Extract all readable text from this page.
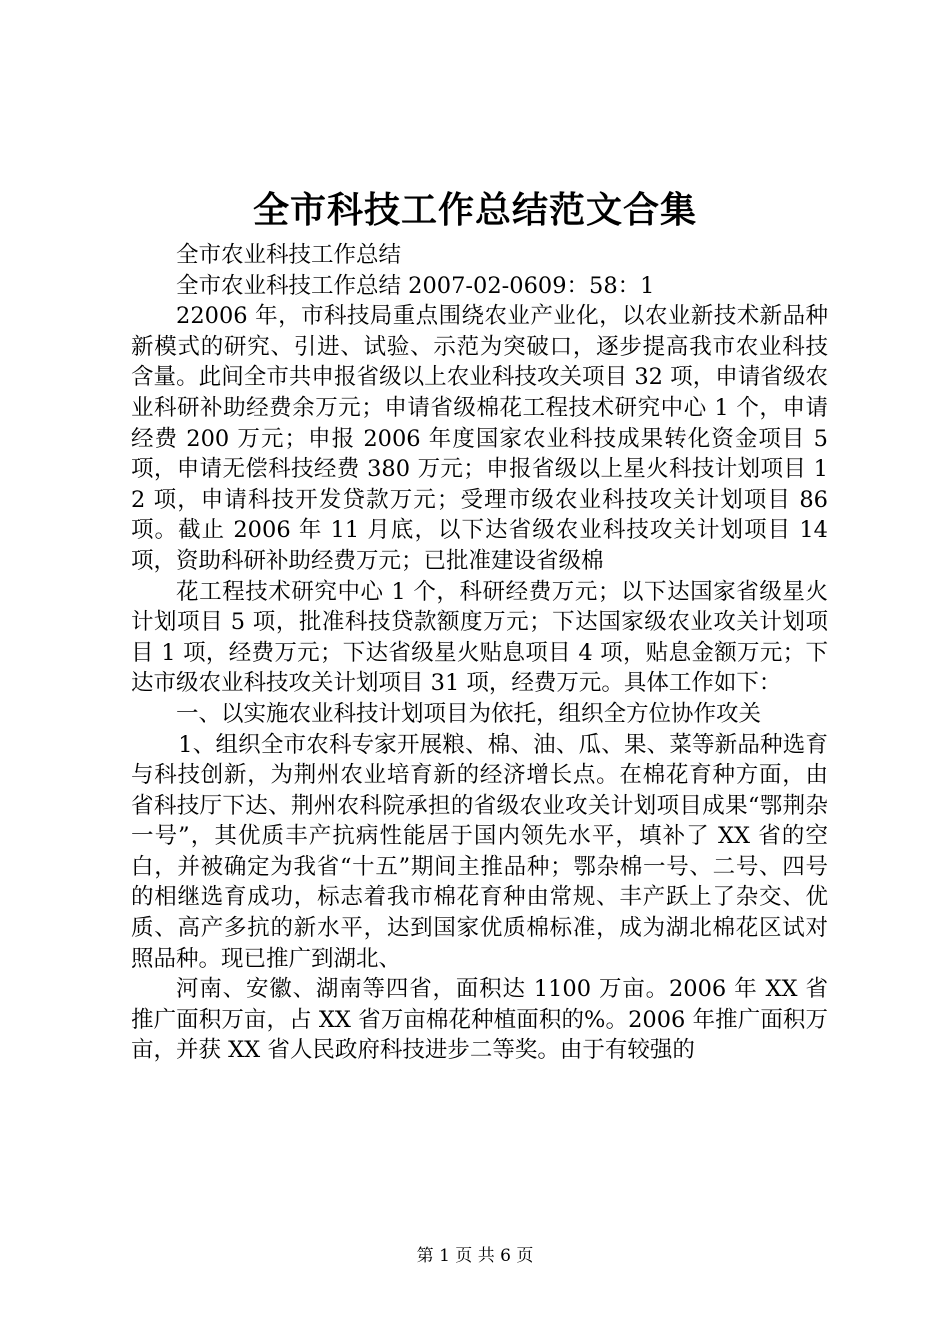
全市科技工作总结范文合集

全市农业科技工作总结

全市农业科技工作总结 2007-02-0609：58：1

22006 年，市科技局重点围绕农业产业化，以农业新技术新品种新模式的研究、引进、试验、示范为突破口，逐步提高我市农业科技含量。此间全市共申报省级以上农业科技攻关项目 32 项，申请省级农业科研补助经费余万元；申请省级棉花工程技术研究中心 1 个，申请经费 200 万元；申报 2006 年度国家农业科技成果转化资金项目 5 项，申请无偿科技经费 380 万元；申报省级以上星火科技计划项目 12 项，申请科技开发贷款万元；受理市级农业科技攻关计划项目 86 项。截止 2006 年 11 月底，以下达省级农业科技攻关计划项目 14 项，资助科研补助经费万元；已批准建设省级棉

花工程技术研究中心 1 个，科研经费万元；以下达国家省级星火计划项目 5 项，批准科技贷款额度万元；下达国家级农业攻关计划项目 1 项，经费万元；下达省级星火贴息项目 4 项，贴息金额万元；下达市级农业科技攻关计划项目 31 项，经费万元。具体工作如下：

一、以实施农业科技计划项目为依托，组织全方位协作攻关

1、组织全市农科专家开展粮、棉、油、瓜、果、菜等新品种选育与科技创新，为荆州农业培育新的经济增长点。在棉花育种方面，由省科技厅下达、荆州农科院承担的省级农业攻关计划项目成果“鄂荆杂一号”，其优质丰产抗病性能居于国内领先水平，填补了 XX 省的空白，并被确定为我省“十五”期间主推品种；鄂杂棉一号、二号、四号的相继选育成功，标志着我市棉花育种由常规、丰产跃上了杂交、优质、高产多抗的新水平，达到国家优质棉标准，成为湖北棉花区试对照品种。现已推广到湖北、

河南、安徽、湖南等四省，面积达 1100 万亩。2006 年 XX 省推广面积万亩，占 XX 省万亩棉花种植面积的%。2006 年推广面积万亩，并获 XX 省人民政府科技进步二等奖。由于有较强的

第 1 页 共 6 页
